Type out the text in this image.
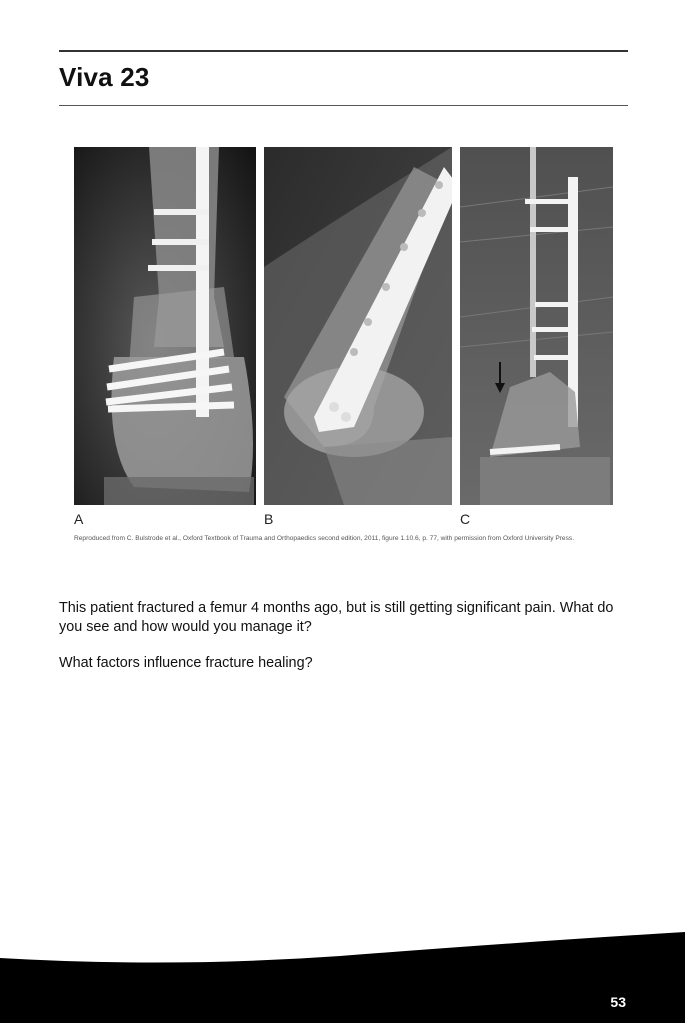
Viva 23
A	B	C
Reproduced from C. Bulstrode et al., Oxford Textbook of Trauma and Orthopaedics second edition, 2011, figure 1.10.6, p. 77, with permission from Oxford University Press.

This patient fractured a femur 4 months ago, but is still getting significant pain. What do you see and how would you manage it?

What factors influence fracture healing?

53
